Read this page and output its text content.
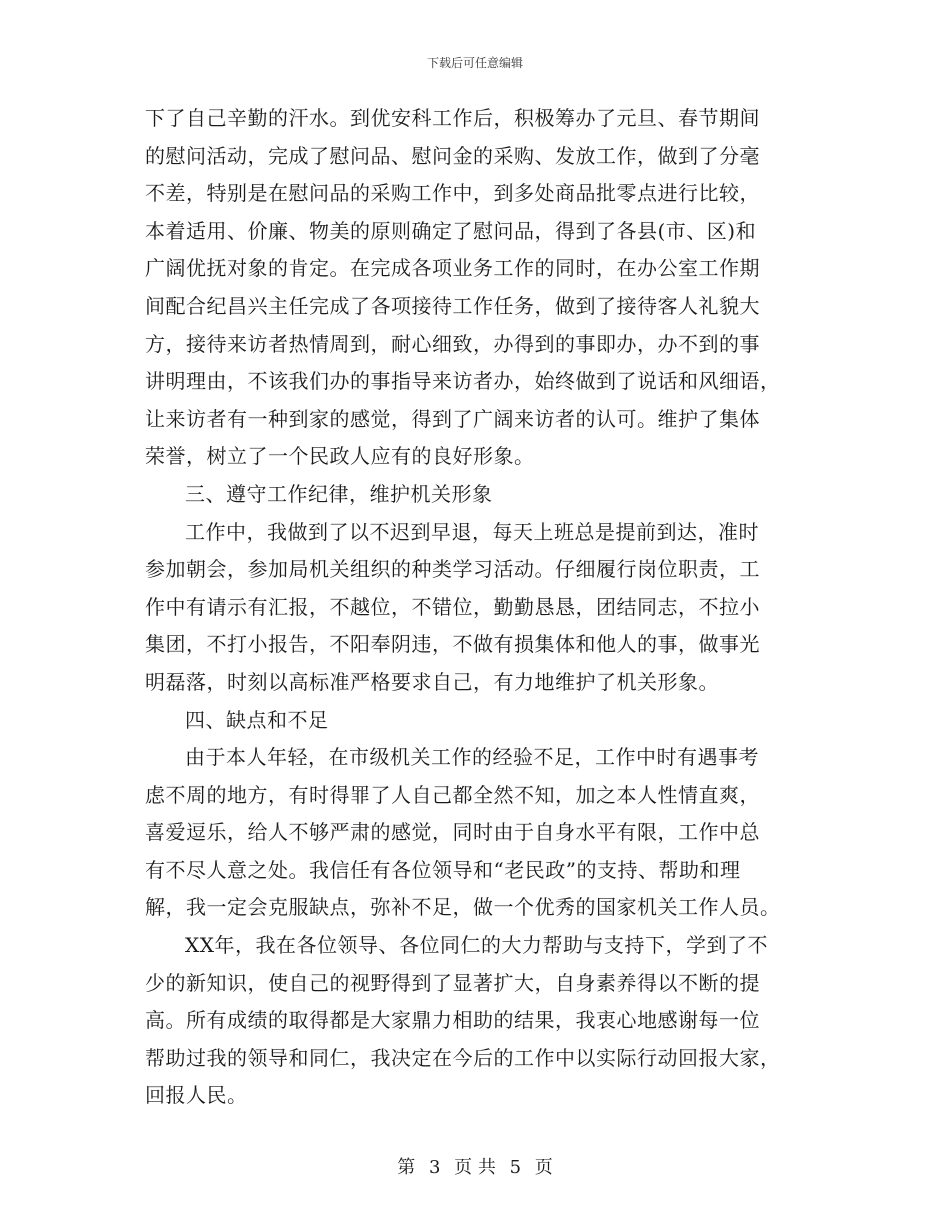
下载后可任意编辑
下了自己辛勤的汗水。到优安科工作后，积极筹办了元旦、春节期间
的慰问活动，完成了慰问品、慰问金的采购、发放工作，做到了分毫
不差，特别是在慰问品的采购工作中，到多处商品批零点进行比较，
本着适用、价廉、物美的原则确定了慰问品，得到了各县(市、区)和
广阔优抚对象的肯定。在完成各项业务工作的同时，在办公室工作期
间配合纪昌兴主任完成了各项接待工作任务，做到了接待客人礼貌大
方，接待来访者热情周到，耐心细致，办得到的事即办，办不到的事
讲明理由，不该我们办的事指导来访者办，始终做到了说话和风细语，
让来访者有一种到家的感觉，得到了广阔来访者的认可。维护了集体
荣誉，树立了一个民政人应有的良好形象。
三、遵守工作纪律，维护机关形象
工作中，我做到了以不迟到早退，每天上班总是提前到达，准时
参加朝会，参加局机关组织的种类学习活动。仔细履行岗位职责，工
作中有请示有汇报，不越位，不错位，勤勤恳恳，团结同志，不拉小
集团，不打小报告，不阳奉阴违，不做有损集体和他人的事，做事光
明磊落，时刻以高标准严格要求自己，有力地维护了机关形象。
四、缺点和不足
由于本人年轻，在市级机关工作的经验不足，工作中时有遇事考
虑不周的地方，有时得罪了人自己都全然不知，加之本人性情直爽，
喜爱逗乐，给人不够严肃的感觉，同时由于自身水平有限，工作中总
有不尽人意之处。我信任有各位领导和“老民政”的支持、帮助和理
解，我一定会克服缺点，弥补不足，做一个优秀的国家机关工作人员。
XX年，我在各位领导、各位同仁的大力帮助与支持下，学到了不
少的新知识，使自己的视野得到了显著扩大，自身素养得以不断的提
高。所有成绩的取得都是大家鼎力相助的结果，我衷心地感谢每一位
帮助过我的领导和同仁，我决定在今后的工作中以实际行动回报大家，
回报人民。
第 3 页 共 5 页
